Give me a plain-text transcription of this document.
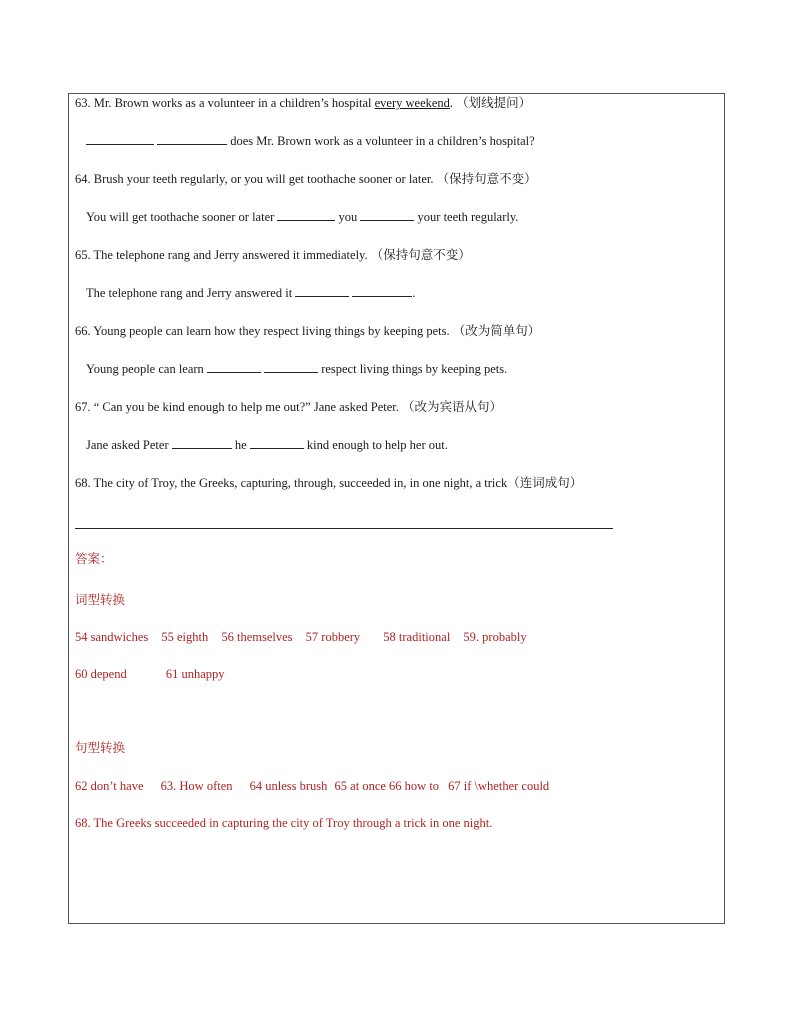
63. Mr. Brown works as a volunteer in a children’s hospital every weekend. （划线提问）
does Mr. Brown work as a volunteer in a children’s hospital?
64. Brush your teeth regularly, or you will get toothache sooner or later. （保持句意不变）
You will get toothache sooner or later	you	your teeth regularly.
65. The telephone rang and Jerry answered it immediately. （保持句意不变）
The telephone rang and Jerry answered it	.
66. Young people can learn how they respect living things by keeping pets. （改为简单句）
Young people can learn	respect living things by keeping pets.
67. “ Can you be kind enough to help me out?” Jane asked Peter. （改为宾语从句）
Jane asked Peter	he	kind enough to help her out.
68. The city of Troy, the Greeks, capturing, through, succeeded in, in one night, a trick（连词成句）
答案：
词型转换
54 sandwiches 55 eighth 56 themselves 57 robbery 58 traditional 59. probably
60 depend	61 unhappy
句型转换
62 don’t have 63. How often 64 unless brush 65 at once 66 how to 67 if \whether could
68. The Greeks succeeded in capturing the city of Troy through a trick in one night.
